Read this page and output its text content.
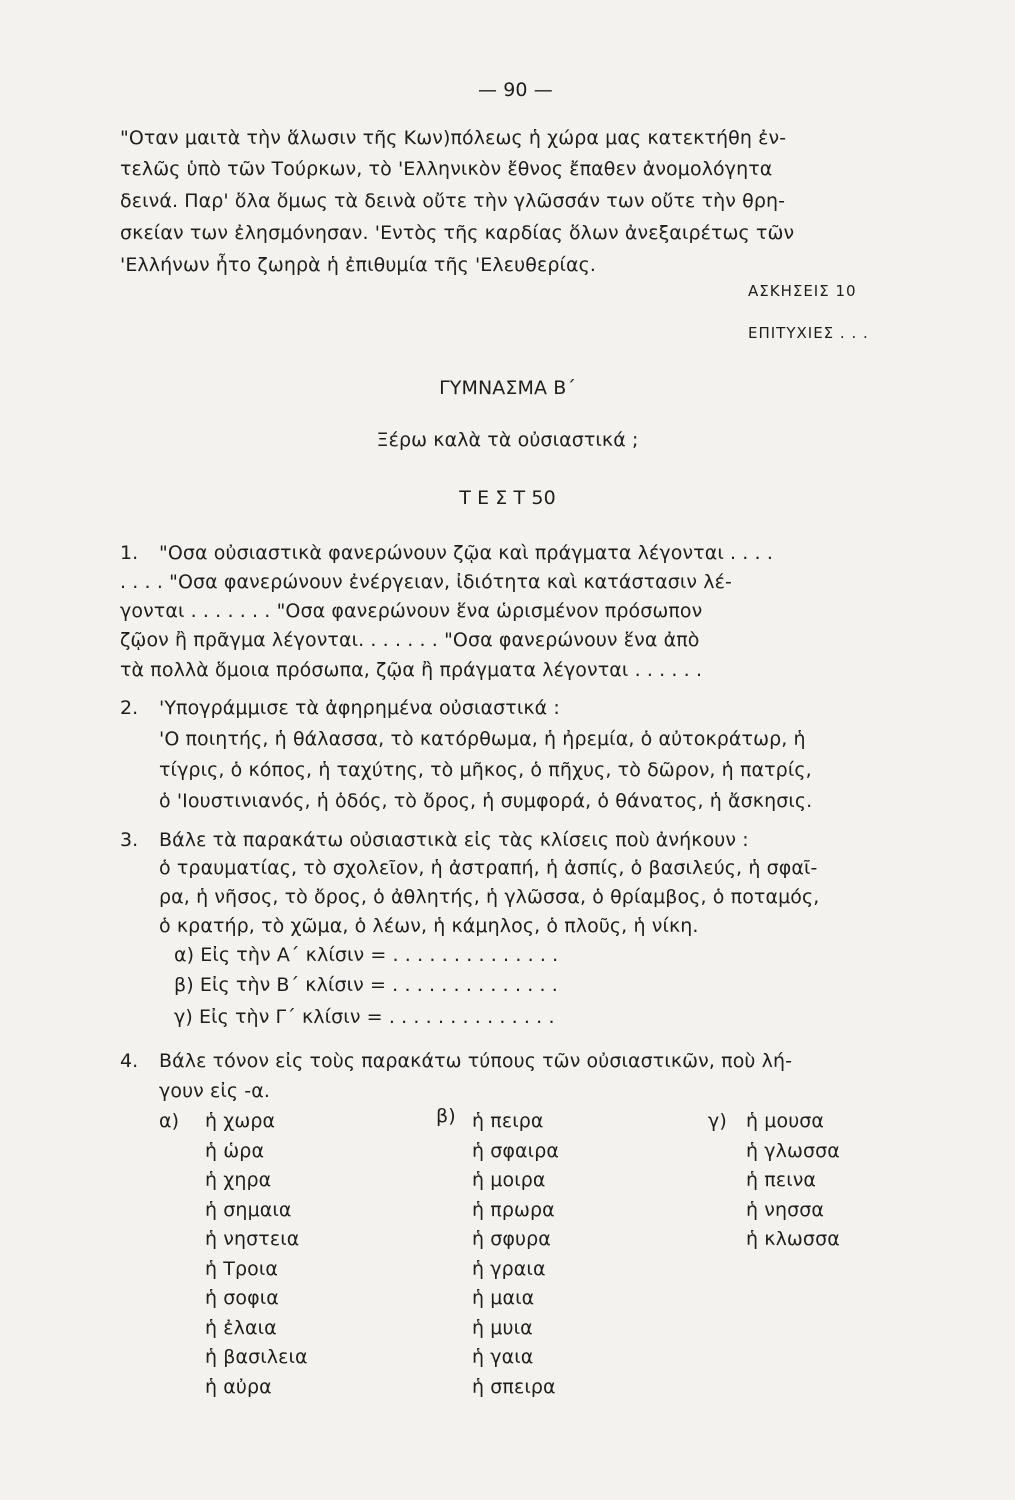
— 90 —
"Οταν μαιτὰ τὴν ἅλωσιν τῆς Κων)πόλεως ἡ χώρα μας κατεκτήθη ἐν-
τελῶς ὑπὸ τῶν Τούρκων, τὸ 'Ελληνικὸν ἔθνος ἔπαθεν ἀνομολόγητα
δεινά. Παρ' ὅλα ὅμως τὰ δεινὰ οὔτε τὴν γλῶσσάν των οὔτε τὴν θρη-
σκείαν των ἐλησμόνησαν. 'Εντὸς τῆς καρδίας ὅλων ἀνεξαιρέτως τῶν
'Ελλήνων ἦτο ζωηρὰ ἡ ἐπιθυμία τῆς 'Ελευθερίας.
ΑΣΚΗΣΕΙΣ 10
ΕΠΙΤΥΧΙΕΣ . . .
ΓΥΜΝΑΣΜΑ Β΄
Ξέρω καλὰ τὰ οὐσιαστικά ;
Τ Ε Σ Τ 50
1. "Οσα οὐσιαστικὰ φανερώνουν ζῷα καὶ πράγματα λέγονται . . . .
. . . . "Οσα φανερώνουν ἐνέργειαν, ἰδιότητα καὶ κατάστασιν λέ-
γονται . . . . . . . "Οσα φανερώνουν ἕνα ὡρισμένον πρόσωπον
ζῷον ἢ πρᾶγμα λέγονται. . . . . . . "Οσα φανερώνουν ἕνα ἀπὸ
τὰ πολλὰ ὅμοια πρόσωπα, ζῷα ἢ πράγματα λέγονται . . . . . .
2. 'Υπογράμμισε τὰ ἀφηρημένα οὐσιαστικά :
'Ο ποιητής, ἡ θάλασσα, τὸ κατόρθωμα, ἡ ἠρεμία, ὁ αὐτοκράτωρ, ἡ
τίγρις, ὁ κόπος, ἡ ταχύτης, τὸ μῆκος, ὁ πῆχυς, τὸ δῶρον, ἡ πατρίς,
ὁ 'Ιουστινιανός, ἡ ὁδός, τὸ ὄρος, ἡ συμφορά, ὁ θάνατος, ἡ ἄσκησις.
3. Βάλε τὰ παρακάτω οὐσιαστικὰ εἰς τὰς κλίσεις ποὺ ἀνήκουν :
ὁ τραυματίας, τὸ σχολεῖον, ἡ ἀστραπή, ἡ ἀσπίς, ὁ βασιλεύς, ἡ σφαῖ-
ρα, ἡ νῆσος, τὸ ὄρος, ὁ ἀθλητής, ἡ γλῶσσα, ὁ θρίαμβος, ὁ ποταμός,
ὁ κρατήρ, τὸ χῶμα, ὁ λέων, ἡ κάμηλος, ὁ πλοῦς, ἡ νίκη.
α) Εἰς τὴν Α΄ κλίσιν = . . . . . . . . . . . . . .
β) Εἰς τὴν Β΄ κλίσιν = . . . . . . . . . . . . . .
γ) Εἰς τὴν Γ΄ κλίσιν = . . . . . . . . . . . . . .
4. Βάλε τόνον εἰς τοὺς παρακάτω τύπους τῶν οὐσιαστικῶν, ποὺ λή-
γουν εἰς -α.
α) ἡ χωρα
ἡ ὡρα
ἡ χηρα
ἡ σημαια
ἡ νηστεια
ἡ Τροια
ἡ σοφια
ἡ ἐλαια
ἡ βασιλεια
ἡ αὐρα
β) ἡ πειρα
ἡ σφαιρα
ἡ μοιρα
ἡ πρωρα
ἡ σφυρα
ἡ γραια
ἡ μαια
ἡ μυια
ἡ γαια
ἡ σπειρα
γ) ἡ μουσα
ἡ γλωσσα
ἡ πεινα
ἡ νησσα
ἡ κλωσσα
